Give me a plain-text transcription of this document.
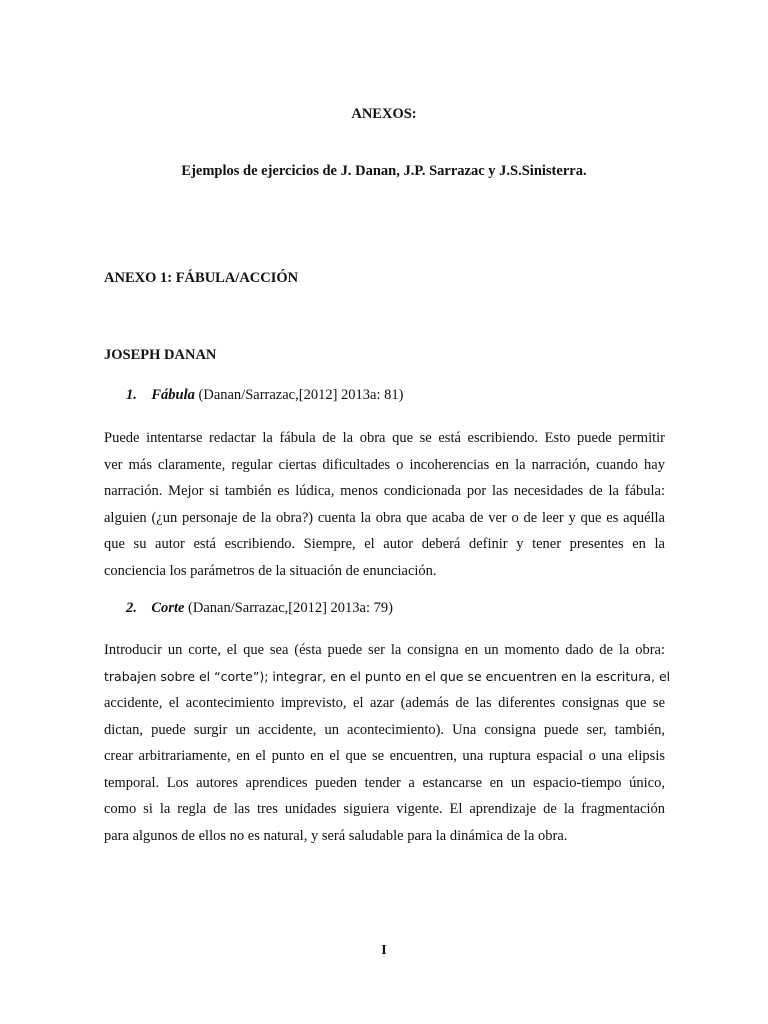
ANEXOS:
Ejemplos de ejercicios de J. Danan, J.P. Sarrazac y J.S.Sinisterra.
ANEXO 1: FÁBULA/ACCIÓN
JOSEPH DANAN
1. Fábula (Danan/Sarrazac,[2012] 2013a: 81)
Puede intentarse redactar la fábula de la obra que se está escribiendo. Esto puede permitir
ver más claramente, regular ciertas dificultades o incoherencias en la narración, cuando hay
narración. Mejor si también es lúdica, menos condicionada por las necesidades de la fábula:
alguien (¿un personaje de la obra?) cuenta la obra que acaba de ver o de leer y que es aquélla
que su autor está escribiendo. Siempre, el autor deberá definir y tener presentes en la
conciencia los parámetros de la situación de enunciación.
2. Corte (Danan/Sarrazac,[2012] 2013a: 79)
Introducir un corte, el que sea (ésta puede ser la consigna en un momento dado de la obra:
trabajen sobre el “corte”); integrar, en el punto en el que se encuentren en la escritura, el
accidente, el acontecimiento imprevisto, el azar (además de las diferentes consignas que se
dictan, puede surgir un accidente, un acontecimiento). Una consigna puede ser, también,
crear arbitrariamente, en el punto en el que se encuentren, una ruptura espacial o una elipsis
temporal. Los autores aprendices pueden tender a estancarse en un espacio-tiempo único,
como si la regla de las tres unidades siguiera vigente. El aprendizaje de la fragmentación
para algunos de ellos no es natural, y será saludable para la dinámica de la obra.
I
